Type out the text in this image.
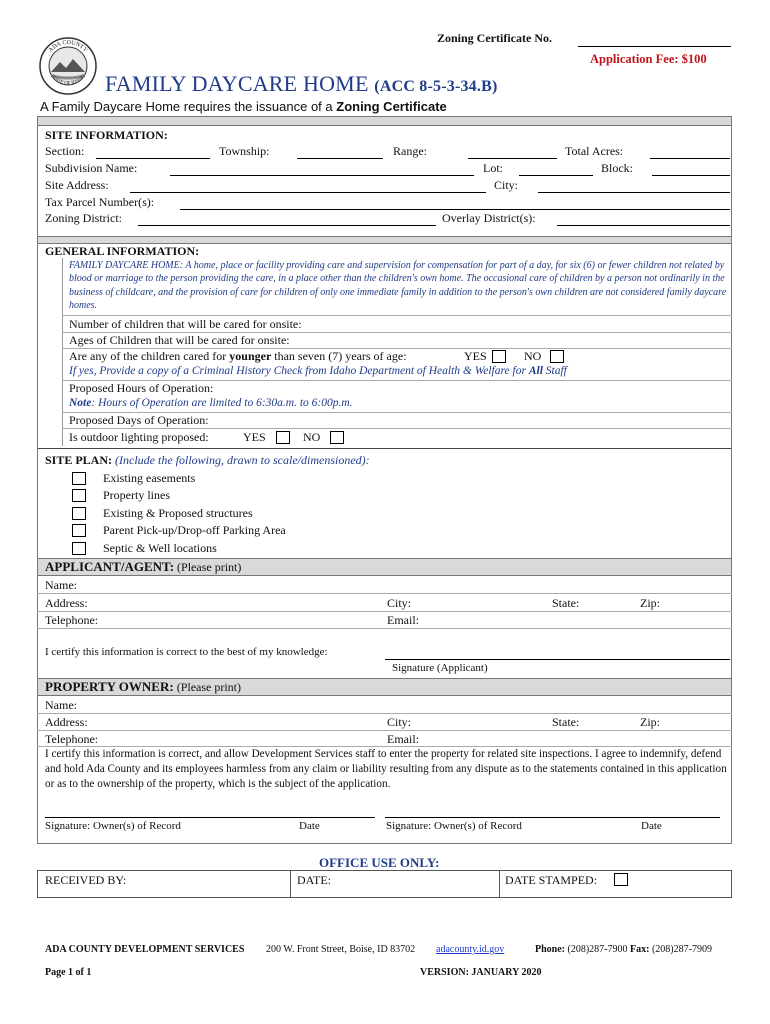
ADA COUNTY
STATE OF IDAHO
Zoning Certificate No.
Application Fee: $100
FAMILY DAYCARE HOME (ACC 8-5-3-34.B)
A Family Daycare Home requires the issuance of a Zoning Certificate
SITE INFORMATION:
Section:	Township:	Range:	Total Acres:
Subdivision Name:	Lot:	Block:
Site Address:	City:
Tax Parcel Number(s):
Zoning District:	Overlay District(s):
GENERAL INFORMATION:
FAMILY DAYCARE HOME: A home, place or facility providing care and supervision for compensation for part of a day, for six (6) or fewer children not related by blood or marriage to the person providing the care, in a place other than the children's own home. The occasional care of children by a person not ordinarily in the business of childcare, and the provision of care for children of only one immediate family in addition to the person's own children are not considered family daycare homes.
Number of children that will be cared for onsite:
Ages of Children that will be cared for onsite:
Are any of the children cared for younger than seven (7) years of age:	YES	NO
If yes, Provide a copy of a Criminal History Check from Idaho Department of Health & Welfare for All Staff
Proposed Hours of Operation:
Note: Hours of Operation are limited to 6:30a.m. to 6:00p.m.
Proposed Days of Operation:
Is outdoor lighting proposed:	YES	NO
SITE PLAN: (Include the following, drawn to scale/dimensioned):
Existing easements
Property lines
Existing & Proposed structures
Parent Pick-up/Drop-off Parking Area
Septic & Well locations
APPLICANT/AGENT: (Please print)
Name:
Address:	City:	State:	Zip:
Telephone:	Email:
I certify this information is correct to the best of my knowledge:
Signature (Applicant)
PROPERTY OWNER: (Please print)
Name:
Address:	City:	State:	Zip:
Telephone:	Email:
I certify this information is correct, and allow Development Services staff to enter the property for related site inspections. I agree to indemnify, defend and hold Ada County and its employees harmless from any claim or liability resulting from any dispute as to the statements contained in this application or as to the ownership of the property, which is the subject of the application.
Signature: Owner(s) of Record	Date	Signature: Owner(s) of Record	Date
OFFICE USE ONLY:
RECEIVED BY:	DATE:	DATE STAMPED:
ADA COUNTY DEVELOPMENT SERVICES 200 W. Front Street, Boise, ID 83702 adacounty.id.gov	Phone: (208)287-7900 Fax: (208)287-7909
Page 1 of 1	VERSION: JANUARY 2020
